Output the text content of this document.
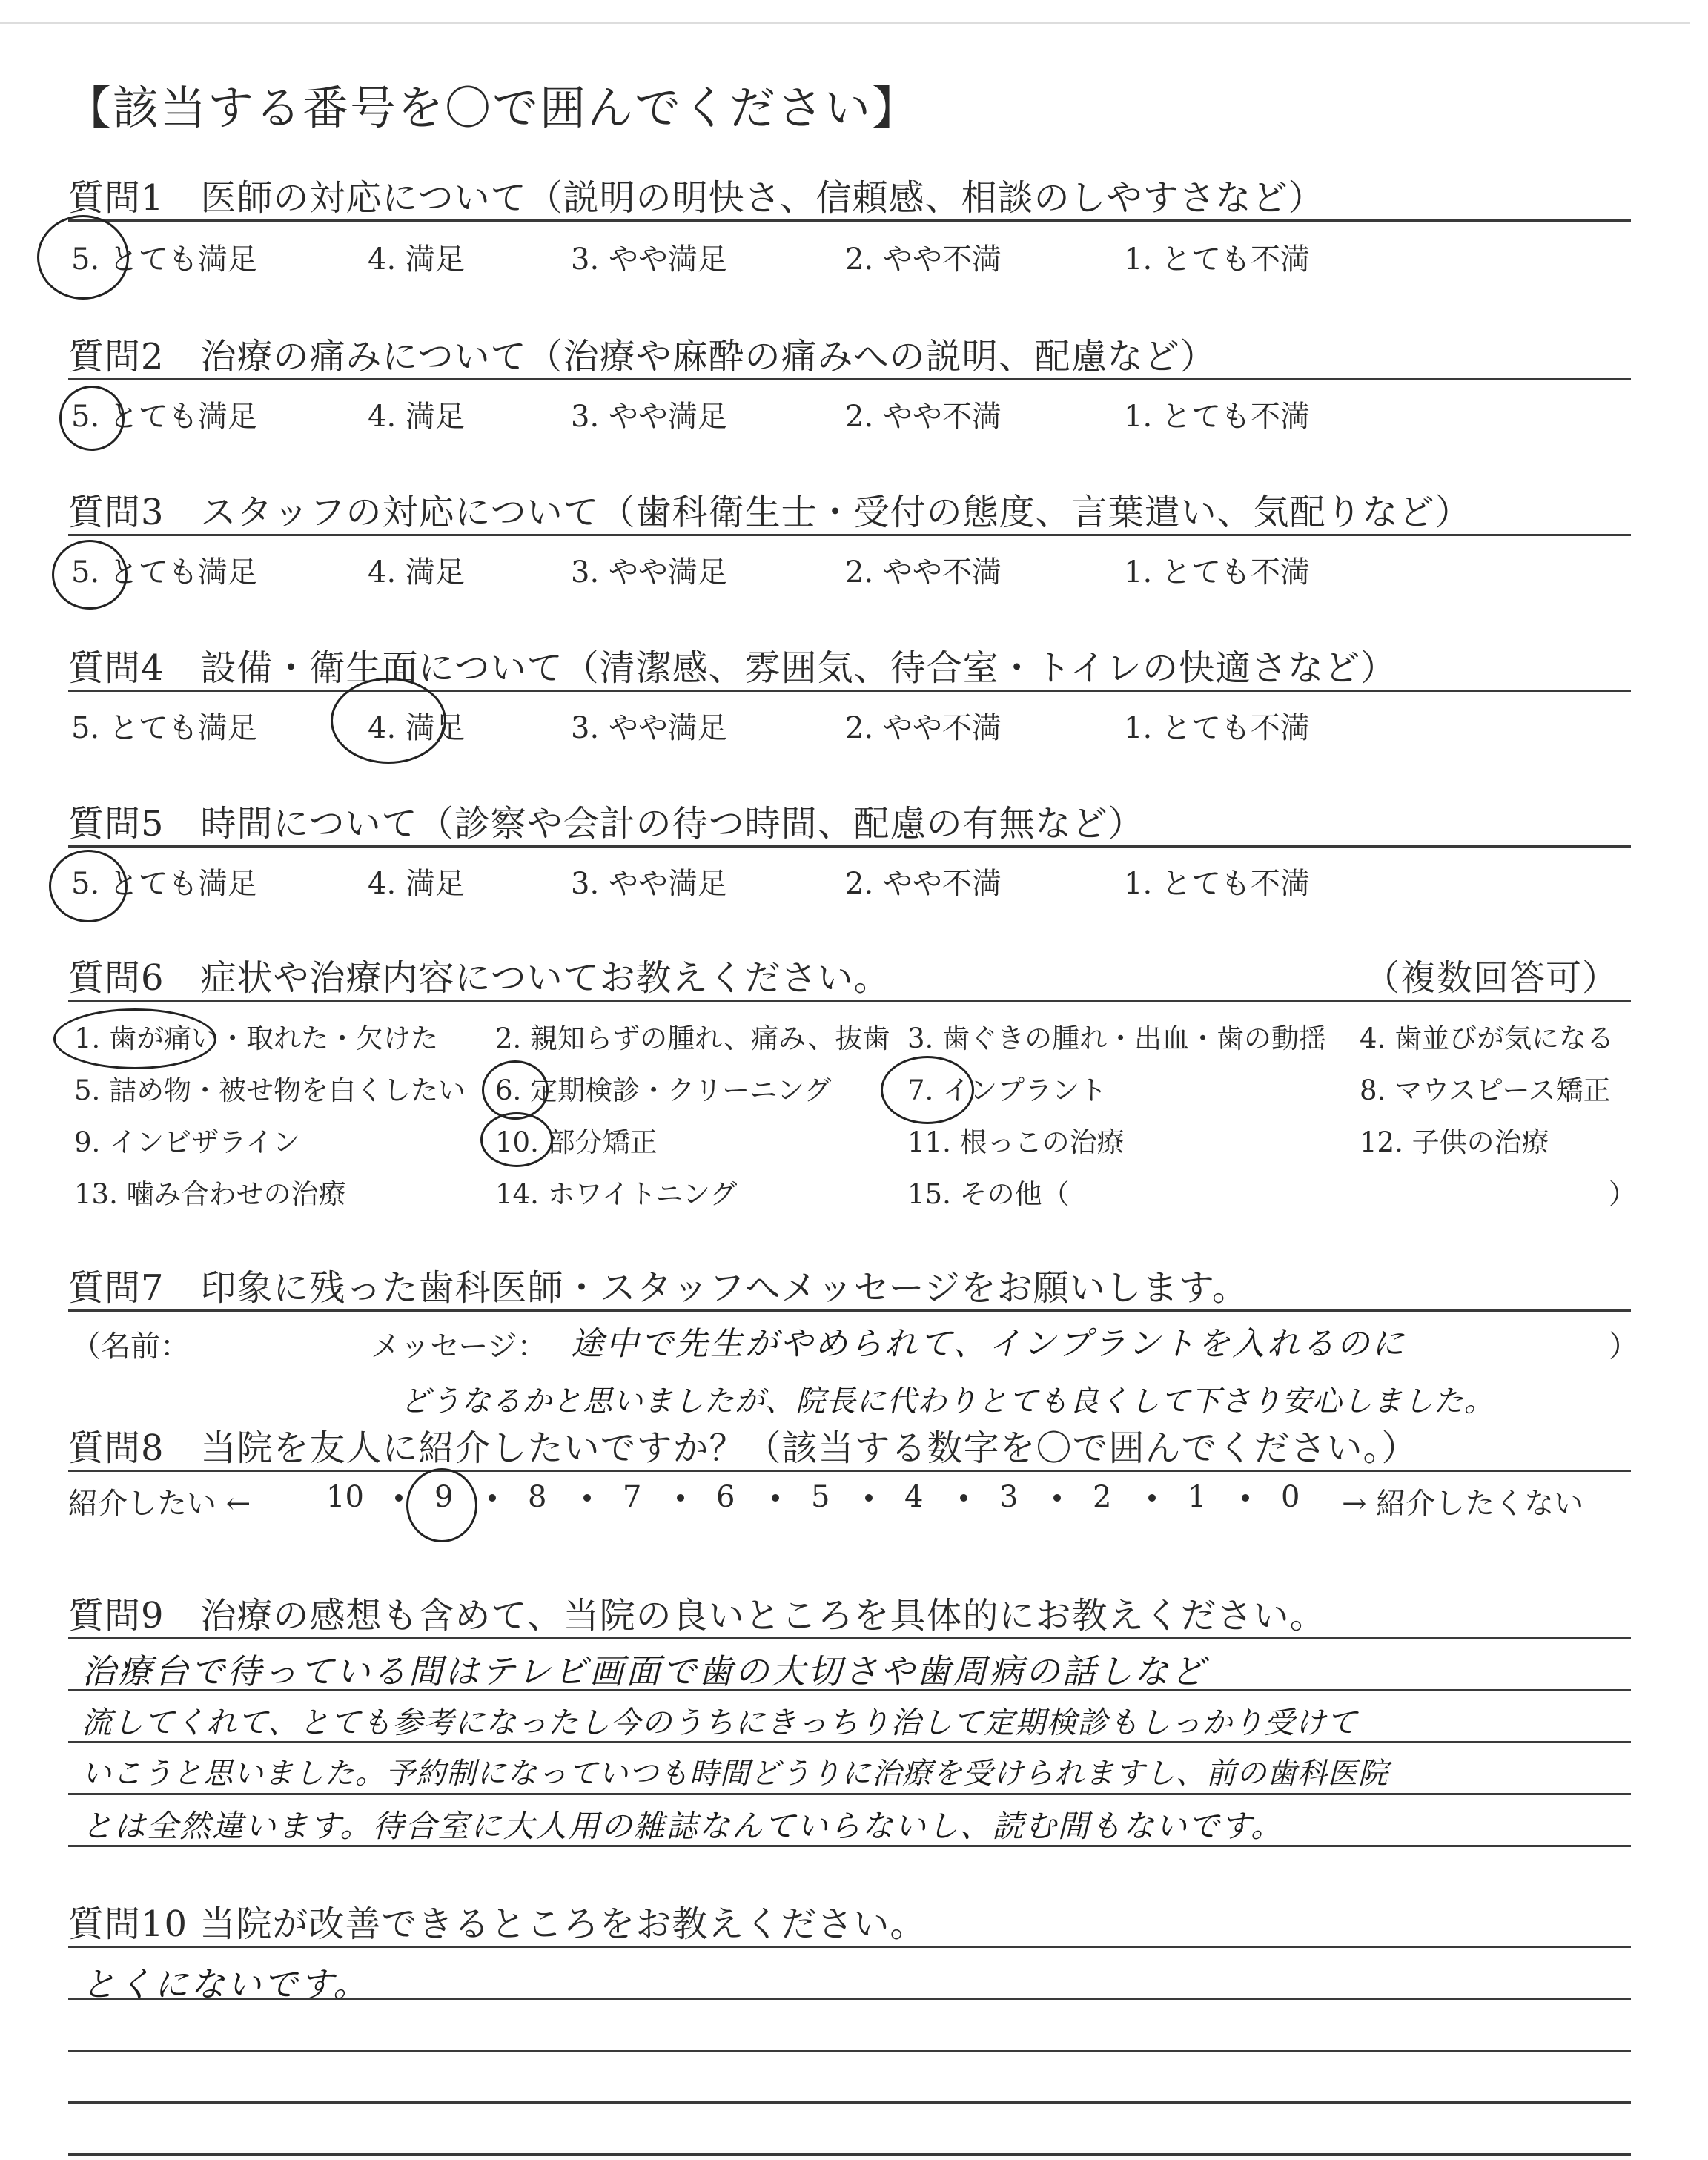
【該当する番号を〇で囲んでください】
質問1　医師の対応について（説明の明快さ、信頼感、相談のしやすさなど）
5. とても満足	4. 満足	3. やや満足	2. やや不満	1. とても不満
質問2　治療の痛みについて（治療や麻酔の痛みへの説明、配慮など）
5. とても満足	4. 満足	3. やや満足	2. やや不満	1. とても不満
質問3　スタッフの対応について（歯科衛生士・受付の態度、言葉遣い、気配りなど）
5. とても満足	4. 満足	3. やや満足	2. やや不満	1. とても不満
質問4　設備・衛生面について（清潔感、雰囲気、待合室・トイレの快適さなど）
5. とても満足	4. 満足	3. やや満足	2. やや不満	1. とても不満
質問5　時間について（診察や会計の待つ時間、配慮の有無など）
5. とても満足	4. 満足	3. やや満足	2. やや不満	1. とても不満
質問6　症状や治療内容についてお教えください。	（複数回答可）
1. 歯が痛い・取れた・欠けた 2. 親知らずの腫れ、痛み、抜歯 3. 歯ぐきの腫れ・出血・歯の動揺 4. 歯並びが気になる
5. 詰め物・被せ物を白くしたい 6. 定期検診・クリーニング	7. インプラント	8. マウスピース矯正
9. インビザライン	10. 部分矯正	11. 根っこの治療	12. 子供の治療
13. 噛み合わせの治療	14. ホワイトニング	15. その他（	）
質問7　印象に残った歯科医師・スタッフへメッセージをお願いします。
（名前：	メッセージ：	）
途中で先生がやめられて、インプラントを入れるのに
どうなるかと思いましたが、院長に代わりとても良くして下さり安心しました。
質問8　当院を友人に紹介したいですか？（該当する数字を〇で囲んでください。）
紹介したい ←	→ 紹介したくない
10 9	8	7	6	5	4	3	2	1	0
質問9　治療の感想も含めて、当院の良いところを具体的にお教えください。
治療台で待っている間はテレビ画面で歯の大切さや歯周病の話しなど
流してくれて、とても参考になったし今のうちにきっちり治して定期検診もしっかり受けて
いこうと思いました。予約制になっていつも時間どうりに治療を受けられますし、前の歯科医院
とは全然違います。待合室に大人用の雑誌なんていらないし、読む間もないです。
質問10 当院が改善できるところをお教えください。
とくにないです。
